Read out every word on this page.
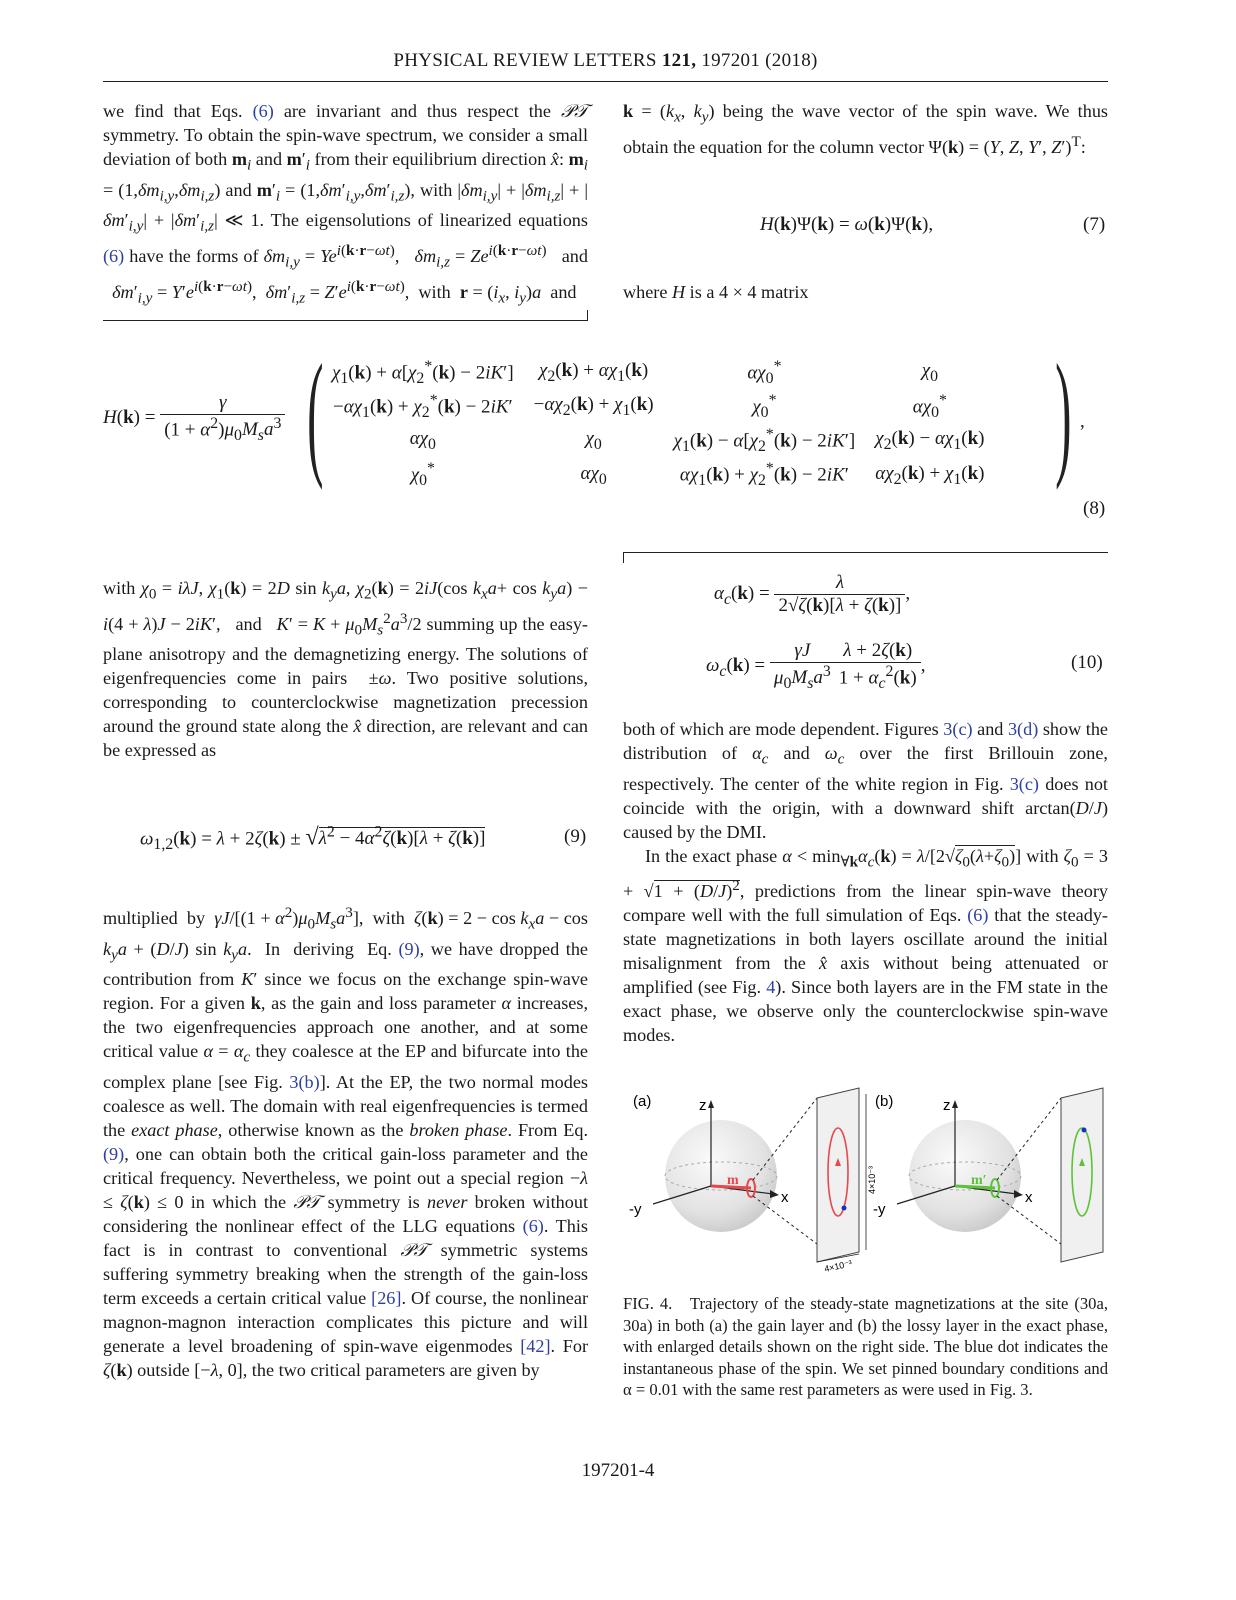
PHYSICAL REVIEW LETTERS 121, 197201 (2018)

we find that Eqs. (6) are invariant and thus respect the 𝒫𝒯 symmetry. To obtain the spin-wave spectrum, we consider a small deviation of both $m_i$ and $m'_i$ from their equilibrium direction x̂: $m_i = (1,\delta m_{i,y},\delta m_{i,z})$ and $m'_i = (1,\delta m'_{i,y},\delta m'_{i,z})$, with $|\delta m_{i,y}| + |\delta m_{i,z}| + |\delta m'_{i,y}| + |\delta m'_{i,z}|$ ≪ 1. The eigensolutions of linearized equations (6) have the forms of $\delta m_{i,y} = Ye^{i(k\cdot r-\omega t)}$,   $\delta m_{i,z} = Ze^{i(k\cdot r-\omega t)}$   and   $\delta m'_{i,y} = Y'e^{i(k\cdot r-\omega t)}$,  $\delta m'_{i,z} = Z'e^{i(k\cdot r-\omega t)}$,  with  $r = (i_x$, $i_y)a$  and

$k = (k_x$, $k_y$) being the wave vector of the spin wave. We thus obtain the equation for the column vector Ψ(k) = (Y, Z, Y′, Z′)$^T$:

H(k)Ψ(k) = ω(k)Ψ(k),	(7)

where H is a 4 × 4 matrix

$H(k) = \frac{\gamma}{(1 + \alpha^2)\mu_0M_sa^3}$ (	) ,
$\chi_1(k) + \alpha[\chi_2^*(k) - 2iK']$	$\chi_2(k) + \alpha\chi_1(k)$	$\alpha\chi_0^*$	$\chi_0$
$-\alpha\chi_1(k) + \chi_2^*(k) - 2iK'$	$-\alpha\chi_2(k) + \chi_1(k)$	$\chi_0^*$	$\alpha\chi_0^*$
$\alpha\chi_0$	$\chi_0$	$\chi_1(k) - \alpha[\chi_2^*(k) - 2iK']$	$\chi_2(k) - \alpha\chi_1(k)$
$\chi_0^*$	$\alpha\chi_0$	$\alpha\chi_1(k) + \chi_2^*(k) - 2iK'$	$\alpha\chi_2(k) + \chi_1(k)$
(8)

with $\chi_0 = i\lambda J$, $\chi_1(k) = 2D$ $\sin k_ya$, $\chi_2(k) = 2iJ(\cos$ $k_xa+ \cos k_ya) - i(4 + \lambda)J - 2iK'$,   and   $K' = K + \mu_0M_s^2a^3/2$ summing up the easy-plane anisotropy and the demagnetizing energy. The solutions of eigenfrequencies come in pairs  ±ω. Two positive solutions, corresponding to counterclockwise magnetization precession around the ground state along the x̂ direction, are relevant and can be expressed as

$\omega_{1,2}(k) = \lambda + 2\zeta(k) \pm √\lambda^2 - 4\alpha^2\zeta(k)[\lambda + \zeta(k)]$	(9)

multiplied  by  $\gamma J/[(1 + \alpha^2)\mu_0M_sa^3]$,  with  $\zeta(k) = 2 - \cos k_xa - \cos k_ya + (D/J)$ $\sin k_ya$.  In  deriving  Eq. (9), we have dropped the contribution from K′ since we focus on the exchange spin-wave region. For a given k, as the gain and loss parameter α increases, the two eigenfrequencies approach one another, and at some critical value $\alpha = \alpha_c$ they coalesce at the EP and bifurcate into the complex plane [see Fig. 3(b)]. At the EP, the two normal modes coalesce as well. The domain with real eigenfrequencies is termed the exact phase, otherwise known as the broken phase. From Eq. (9), one can obtain both the critical gain-loss parameter and the critical frequency. Nevertheless, we point out a special region −λ ≤ ζ(k) ≤ 0 in which the 𝒫𝒯 symmetry is never broken without considering the nonlinear effect of the LLG equations (6). This fact is in contrast to conventional 𝒫𝒯 symmetric systems suffering symmetry breaking when the strength of the gain-loss term exceeds a certain critical value [26]. Of course, the nonlinear magnon-magnon interaction complicates this picture and will generate a level broadening of spin-wave eigenmodes [42]. For ζ(k) outside [−λ, 0], the two critical parameters are given by

$\alpha_c(k) = \frac{\lambda}{2√\zeta(k)[\lambda + \zeta(k)]}$ ,
$\omega_c(k) = \frac{\gamma J}{\mu_0M_sa^3} \frac{\lambda + 2\zeta(k)}{1 + \alpha_c^2(k)}$ ,	(10)

both of which are mode dependent. Figures 3(c) and 3(d) show the distribution of $\alpha_c$ and $\omega_c$ over the first Brillouin zone, respectively. The center of the white region in Fig. 3(c) does not coincide with the origin, with a downward shift arctan(D/J) caused by the DMI.

In the exact phase $\alpha < \min_{\forall k}\alpha_c(k) = \lambda/[2√\zeta_0(\lambda+\zeta_0)]$ with $\zeta_0 = 3 + √1 + (D/J)^2$, predictions from the linear spin-wave theory compare well with the full simulation of Eqs. (6) that the steady-state magnetizations in both layers oscillate around the initial misalignment from the x̂ axis without being attenuated or amplified (see Fig. 4). Since both layers are in the FM state in the exact phase, we observe only the counterclockwise spin-wave modes.

(a)	z
x
-y
m	4×10⁻³
4×10⁻³
(b)	z
x
-y
m′
FIG. 4. Trajectory of the steady-state magnetizations at the site (30a, 30a) in both (a) the gain layer and (b) the lossy layer in the exact phase, with enlarged details shown on the right side. The blue dot indicates the instantaneous phase of the spin. We set pinned boundary conditions and α = 0.01 with the same rest parameters as were used in Fig. 3.
197201-4
